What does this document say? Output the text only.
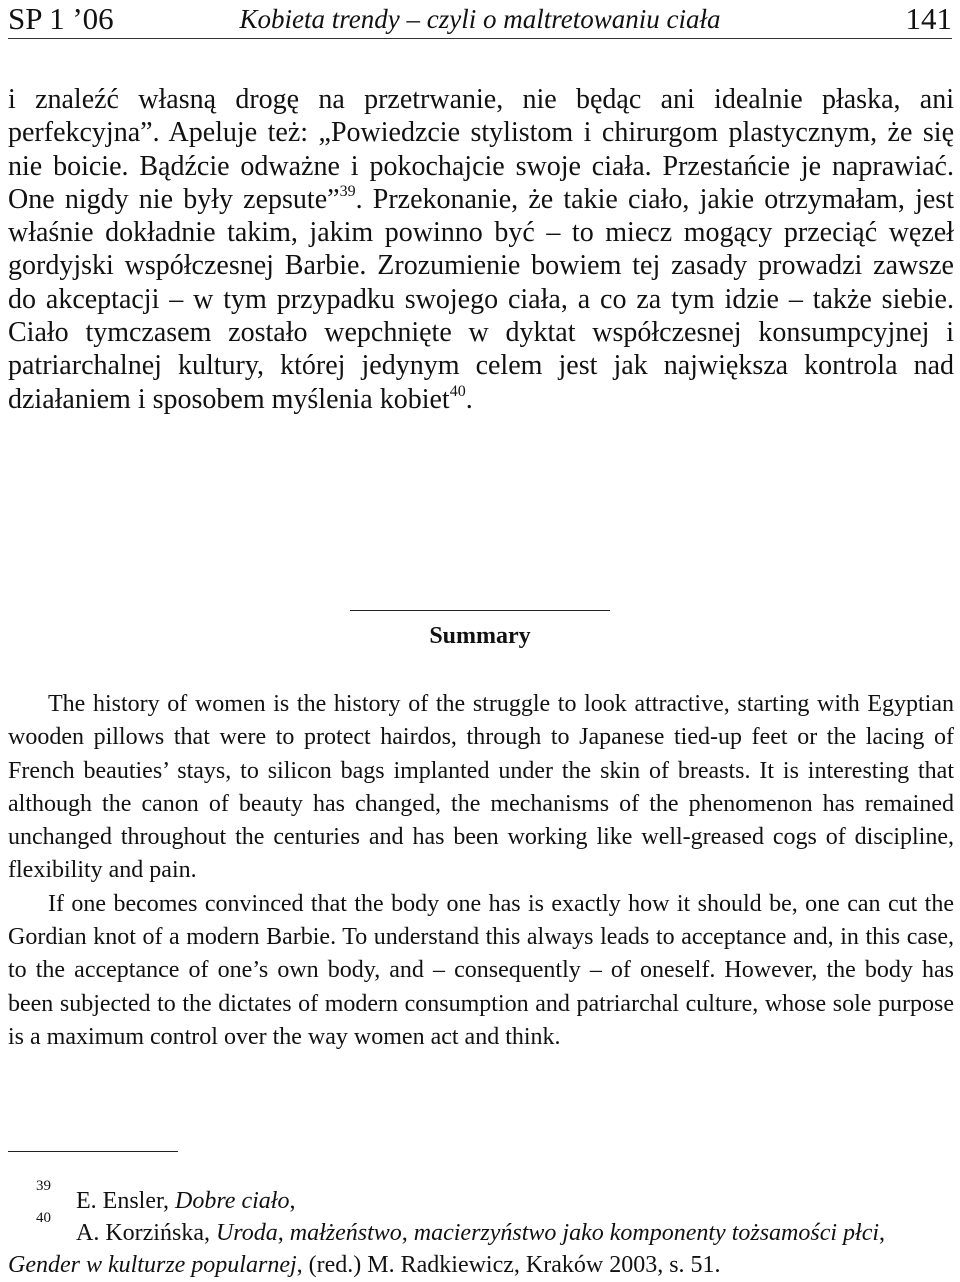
SP 1 ’06	Kobieta trendy – czyli o maltretowaniu ciała	141

i znaleźć własną drogę na przetrwanie, nie będąc ani idealnie płaska, ani perfekcyjna”. Apeluje też: „Powiedzcie stylistom i chirurgom plastycznym, że się nie boicie. Bądźcie odważne i pokochajcie swoje ciała. Przestańcie je naprawiać. One nigdy nie były zepsute”$^{39}$. Przekonanie, że takie ciało, jakie otrzymałam, jest właśnie dokładnie takim, jakim powinno być – to miecz mogący przeciąć węzeł gordyjski współczesnej Barbie. Zrozumienie bowiem tej zasady prowadzi zawsze do akceptacji – w tym przypadku swojego ciała, a co za tym idzie – także siebie. Ciało tymczasem zostało wepchnięte w dyktat współczesnej konsumpcyjnej i patriarchalnej kultury, której jedynym celem jest jak największa kontrola nad działaniem i sposobem myślenia kobiet$^{40}$.

Summary

The history of women is the history of the struggle to look attractive, starting with Egyptian wooden pillows that were to protect hairdos, through to Japanese tied-up feet or the lacing of French beauties’ stays, to silicon bags implanted under the skin of breasts. It is interesting that although the canon of beauty has changed, the mechanisms of the phenomenon has remained unchanged throughout the centuries and has been working like well-greased cogs of discipline, flexibility and pain.

If one becomes convinced that the body one has is exactly how it should be, one can cut the Gordian knot of a modern Barbie. To understand this always leads to acceptance and, in this case, to the acceptance of one’s own body, and – consequently – of oneself. However, the body has been subjected to the dictates of modern consumption and patriarchal culture, whose sole purpose is a maximum control over the way women act and think.

39
E. Ensler, Dobre ciało,
40
A. Korzińska, Uroda, małżeństwo, macierzyństwo jako komponenty tożsamości płci, Gender w kulturze popularnej, (red.) M. Radkiewicz, Kraków 2003, s. 51.
